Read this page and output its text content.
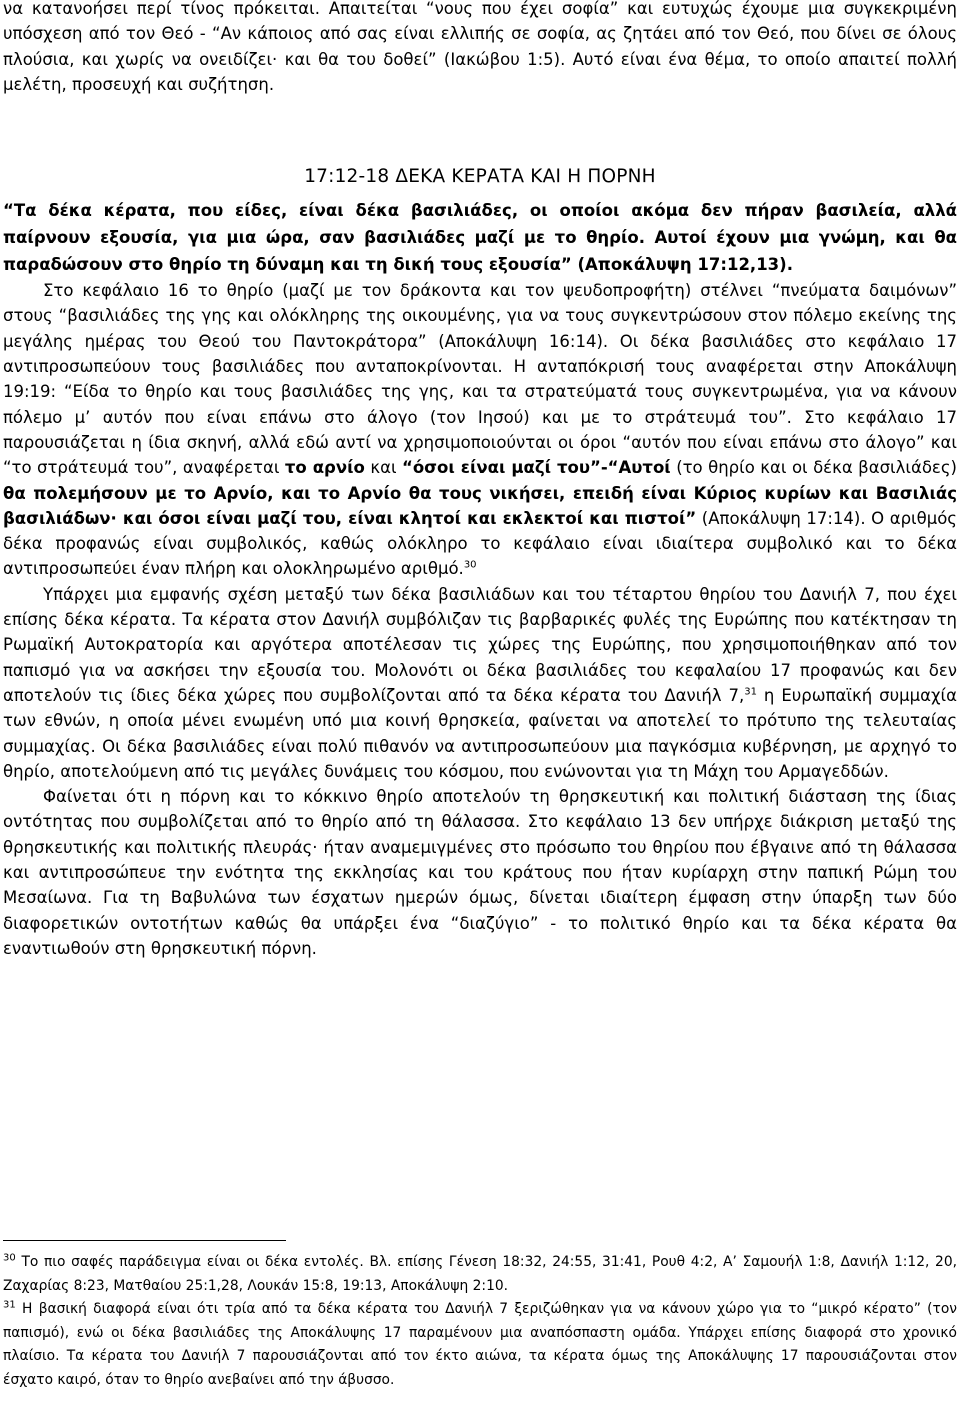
να κατανοήσει περί τίνος πρόκειται. Απαιτείται “νους που έχει σοφία” και ευτυχώς έχουμε μια συγκεκριμένη υπόσχεση από τον Θεό - “Αν κάποιος από σας είναι ελλιπής σε σοφία, ας ζητάει από τον Θεό, που δίνει σε όλους πλούσια, και χωρίς να ονειδίζει· και θα του δοθεί” (Ιακώβου 1:5). Αυτό είναι ένα θέμα, το οποίο απαιτεί πολλή μελέτη, προσευχή και συζήτηση.

17:12-18 ΔΕΚΑ ΚΕΡΑΤΑ ΚΑΙ Η ΠΟΡΝΗ

“Τα δέκα κέρατα, που είδες, είναι δέκα βασιλιάδες, οι οποίοι ακόμα δεν πήραν βασιλεία, αλλά παίρνουν εξουσία, για μια ώρα, σαν βασιλιάδες μαζί με το θηρίο. Αυτοί έχουν μια γνώμη, και θα παραδώσουν στο θηρίο τη δύναμη και τη δική τους εξουσία” (Αποκάλυψη 17:12,13).

Στο κεφάλαιο 16 το θηρίο (μαζί με τον δράκοντα και τον ψευδοπροφήτη) στέλνει “πνεύματα δαιμόνων” στους “βασιλιάδες της γης και ολόκληρης της οικουμένης, για να τους συγκεντρώσουν στον πόλεμο εκείνης της μεγάλης ημέρας του Θεού του Παντοκράτορα” (Αποκάλυψη 16:14). Οι δέκα βασιλιάδες στο κεφάλαιο 17 αντιπροσωπεύουν τους βασιλιάδες που ανταποκρίνονται. Η ανταπόκρισή τους αναφέρεται στην Αποκάλυψη 19:19: “Είδα το θηρίο και τους βασιλιάδες της γης, και τα στρατεύματά τους συγκεντρωμένα, για να κάνουν πόλεμο μ’ αυτόν που είναι επάνω στο άλογο (τον Ιησού) και με το στράτευμά του”. Στο κεφάλαιο 17 παρουσιάζεται η ίδια σκηνή, αλλά εδώ αντί να χρησιμοποιούνται οι όροι “αυτόν που είναι επάνω στο άλογο” και “το στράτευμά του”, αναφέρεται το αρνίο και “όσοι είναι μαζί του”-“Αυτοί (το θηρίο και οι δέκα βασιλιάδες) θα πολεμήσουν με το Αρνίο, και το Αρνίο θα τους νικήσει, επειδή είναι Κύριος κυρίων και Βασιλιάς βασιλιάδων· και όσοι είναι μαζί του, είναι κλητοί και εκλεκτοί και πιστοί” (Αποκάλυψη 17:14). Ο αριθμός δέκα προφανώς είναι συμβολικός, καθώς ολόκληρο το κεφάλαιο είναι ιδιαίτερα συμβολικό και το δέκα αντιπροσωπεύει έναν πλήρη και ολοκληρωμένο αριθμό.$^{30}$

Υπάρχει μια εμφανής σχέση μεταξύ των δέκα βασιλιάδων και του τέταρτου θηρίου του Δανιήλ 7, που έχει επίσης δέκα κέρατα. Τα κέρατα στον Δανιήλ συμβόλιζαν τις βαρβαρικές φυλές της Ευρώπης που κατέκτησαν τη Ρωμαϊκή Αυτοκρατορία και αργότερα αποτέλεσαν τις χώρες της Ευρώπης, που χρησιμοποιήθηκαν από τον παπισμό για να ασκήσει την εξουσία του. Μολονότι οι δέκα βασιλιάδες του κεφαλαίου 17 προφανώς και δεν αποτελούν τις ίδιες δέκα χώρες που συμβολίζονται από τα δέκα κέρατα του Δανιήλ 7,31 η Ευρωπαϊκή συμμαχία των εθνών, η οποία μένει ενωμένη υπό μια κοινή θρησκεία, φαίνεται να αποτελεί το πρότυπο της τελευταίας συμμαχίας. Οι δέκα βασιλιάδες είναι πολύ πιθανόν να αντιπροσωπεύουν μια παγκόσμια κυβέρνηση, με αρχηγό το θηρίο, αποτελούμενη από τις μεγάλες δυνάμεις του κόσμου, που ενώνονται για τη Μάχη του Αρμαγεδδών.

Φαίνεται ότι η πόρνη και το κόκκινο θηρίο αποτελούν τη θρησκευτική και πολιτική διάσταση της ίδιας οντότητας που συμβολίζεται από το θηρίο από τη θάλασσα. Στο κεφάλαιο 13 δεν υπήρχε διάκριση μεταξύ της θρησκευτικής και πολιτικής πλευράς· ήταν αναμεμιγμένες στο πρόσωπο του θηρίου που έβγαινε από τη θάλασσα και αντιπροσώπευε την ενότητα της εκκλησίας και του κράτους που ήταν κυρίαρχη στην παπική Ρώμη του Μεσαίωνα. Για τη Βαβυλώνα των έσχατων ημερών όμως, δίνεται ιδιαίτερη έμφαση στην ύπαρξη των δύο διαφορετικών οντοτήτων καθώς θα υπάρξει ένα “διαζύγιο” - το πολιτικό θηρίο και τα δέκα κέρατα θα εναντιωθούν στη θρησκευτική πόρνη.

$^{30}$ Το πιο σαφές παράδειγμα είναι οι δέκα εντολές. Βλ. επίσης Γένεση 18:32, 24:55, 31:41, Ρουθ 4:2, Α’ Σαμουήλ 1:8, Δανιήλ 1:12, 20, Ζαχαρίας 8:23, Ματθαίου 25:1,28, Λουκάν 15:8, 19:13, Αποκάλυψη 2:10.

$^{31}$ Η βασική διαφορά είναι ότι τρία από τα δέκα κέρατα του Δανιήλ 7 ξεριζώθηκαν για να κάνουν χώρο για το “μικρό κέρατο” (τον παπισμό), ενώ οι δέκα βασιλιάδες της Αποκάλυψης 17 παραμένουν μια αναπόσπαστη ομάδα. Υπάρχει επίσης διαφορά στο χρονικό πλαίσιο. Τα κέρατα του Δανιήλ 7 παρουσιάζονται από τον έκτο αιώνα, τα κέρατα όμως της Αποκάλυψης 17 παρουσιάζονται στον έσχατο καιρό, όταν το θηρίο ανεβαίνει από την άβυσσο.
